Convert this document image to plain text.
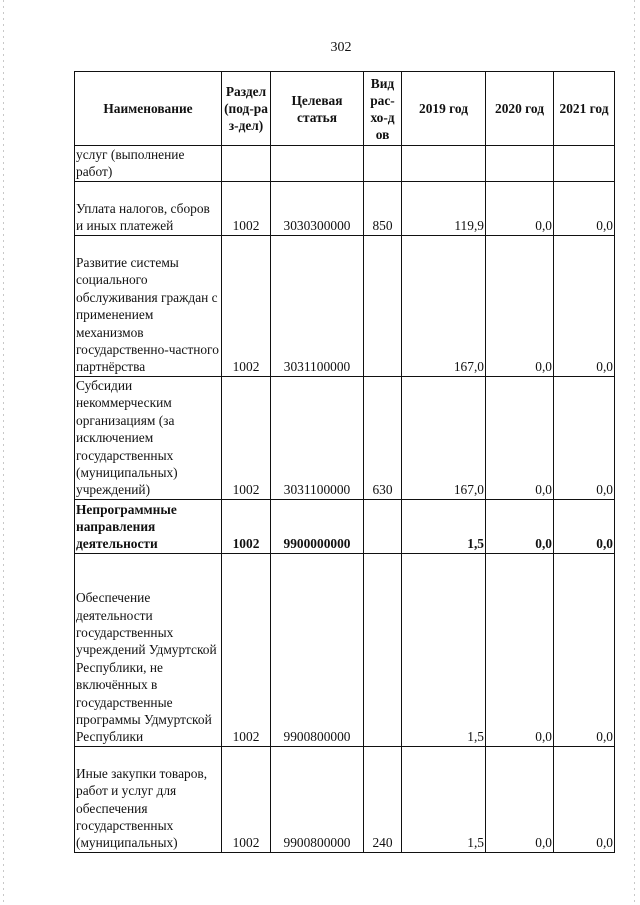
302
Наименование	Раздел (под-раз-дел)	Целевая статья	Вид рас-хо-дов	2019 год	2020 год	2021 год
услуг (выполнение работ)						
Уплата налогов, сборов и иных платежей	1002	3030300000	850	119,9	0,0	0,0
Развитие системы социального обслуживания граждан с применением механизмов государственно-частного партнёрства	1002	3031100000		167,0	0,0	0,0
Субсидии некоммерческим организациям (за исключением государственных (муниципальных) учреждений)	1002	3031100000	630	167,0	0,0	0,0
Непрограммные направления деятельности	1002	9900000000		1,5	0,0	0,0
Обеспечение деятельности государственных учреждений Удмуртской Республики, не включённых в государственные программы Удмуртской Республики	1002	9900800000		1,5	0,0	0,0
Иные закупки товаров, работ и услуг для обеспечения государственных (муниципальных)	1002	9900800000	240	1,5	0,0	0,0
